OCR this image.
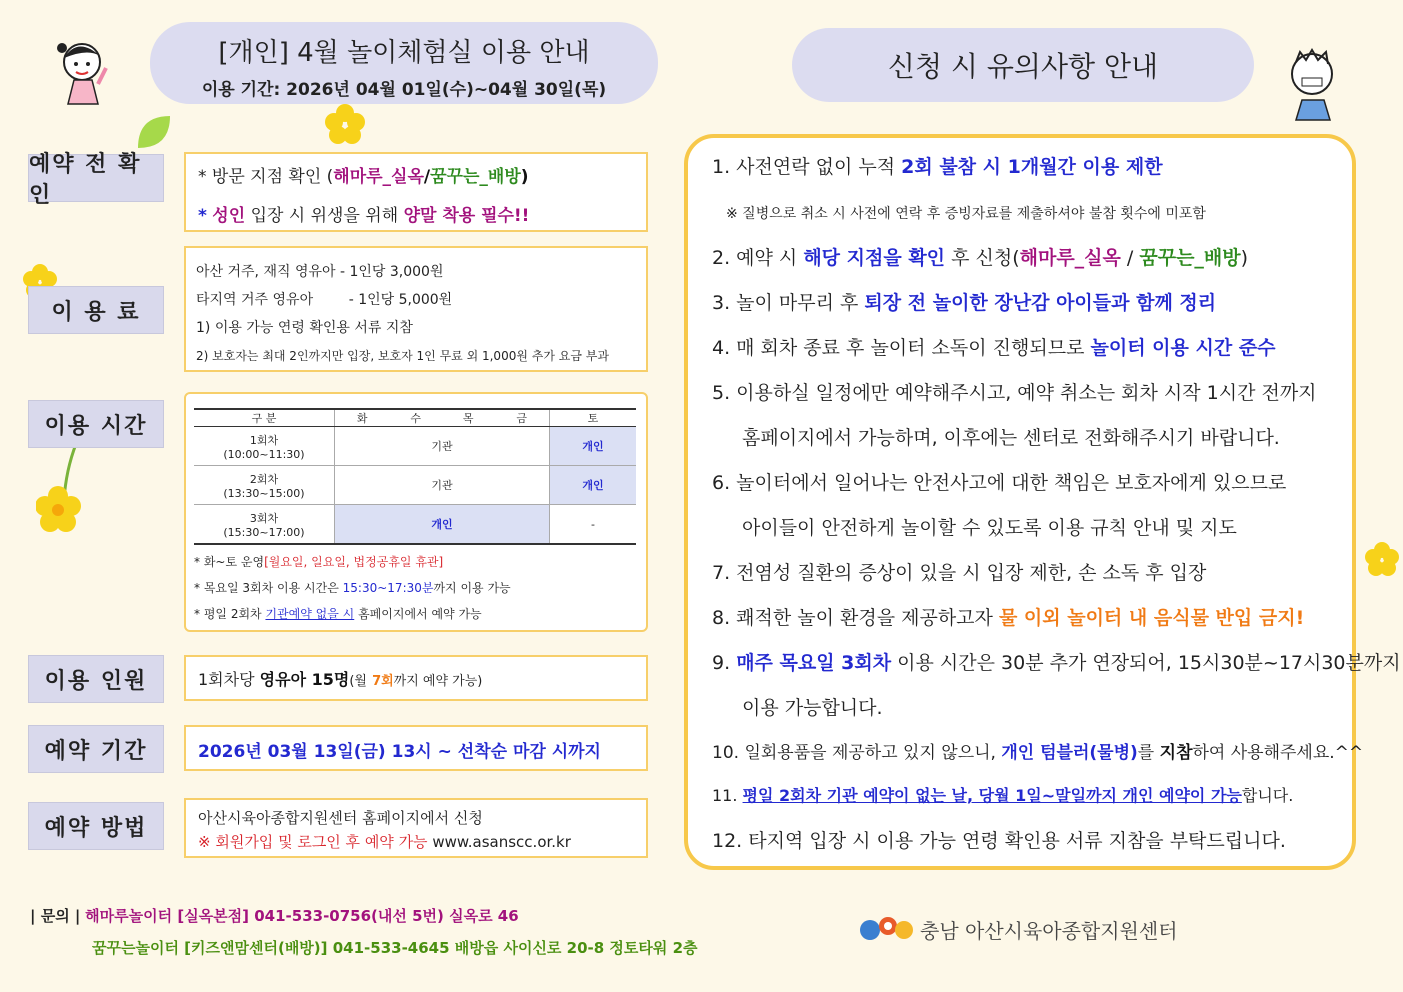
[개인] 4월 놀이체험실 이용 안내
이용 기간: 2026년 04월 01일(수)~04월 30일(목)
신청 시 유의사항 안내
예약 전 확인
* 방문 지점 확인 (해마루_실옥/꿈꾸는_배방)
* 성인 입장 시 위생을 위해 양말 착용 필수!!
이 용 료
아산 거주, 재직 영유아 - 1인당 3,000원
타지역 거주 영유아        - 1인당 5,000원
1) 이용 가능 연령 확인용 서류 지참
2) 보호자는 최대 2인까지만 입장, 보호자 1인 무료 외 1,000원 추가 요금 부과
이용 시간	구 분	화	수	목	금	토

1회차
(10:00~11:30)	기관				개인

2회차
(13:30~15:00)	기관				개인

3회차
(15:30~17:00)	개인				-
* 화~토 운영[월요일, 일요일, 법정공휴일 휴관]
* 목요일 3회차 이용 시간은 15:30~17:30분까지 이용 가능
* 평일 2회차 기관예약 없을 시 홈페이지에서 예약 가능
이용 인원	1회차당 영유아 15명(월 7회까지 예약 가능)
예약 기간	2026년 03월 13일(금) 13시 ~ 선착순 마감 시까지
예약 방법	아산시육아종합지원센터 홈페이지에서 신청
※ 회원가입 및 로그인 후 예약 가능 www.asanscc.or.kr
1. 사전연락 없이 누적 2회 불참 시 1개월간 이용 제한
※ 질병으로 취소 시 사전에 연락 후 증빙자료를 제출하셔야 불참 횟수에 미포함
2. 예약 시 해당 지점을 확인 후 신청(해마루_실옥 / 꿈꾸는_배방)
3. 놀이 마무리 후 퇴장 전 놀이한 장난감 아이들과 함께 정리
4. 매 회차 종료 후 놀이터 소독이 진행되므로 놀이터 이용 시간 준수
5. 이용하실 일정에만 예약해주시고, 예약 취소는 회차 시작 1시간 전까지
홈페이지에서 가능하며, 이후에는 센터로 전화해주시기 바랍니다.
6. 놀이터에서 일어나는 안전사고에 대한 책임은 보호자에게 있으므로
아이들이 안전하게 놀이할 수 있도록 이용 규칙 안내 및 지도
7. 전염성 질환의 증상이 있을 시 입장 제한, 손 소독 후 입장
8. 쾌적한 놀이 환경을 제공하고자 물 이외 놀이터 내 음식물 반입 금지!
9. 매주 목요일 3회차 이용 시간은 30분 추가 연장되어, 15시30분~17시30분까지
이용 가능합니다.
10. 일회용품을 제공하고 있지 않으니, 개인 텀블러(물병)를 지참하여 사용해주세요.^^
11. 평일 2회차 기관 예약이 없는 날, 당월 1일~말일까지 개인 예약이 가능합니다.
12. 타지역 입장 시 이용 가능 연령 확인용 서류 지참을 부탁드립니다.
| 문의 | 해마루놀이터 [실옥본점] 041-533-0756(내선 5번) 실옥로 46
꿈꾸는놀이터 [키즈앤맘센터(배방)] 041-533-4645 배방읍 사이신로 20-8 정토타워 2층
충남 아산시육아종합지원센터
